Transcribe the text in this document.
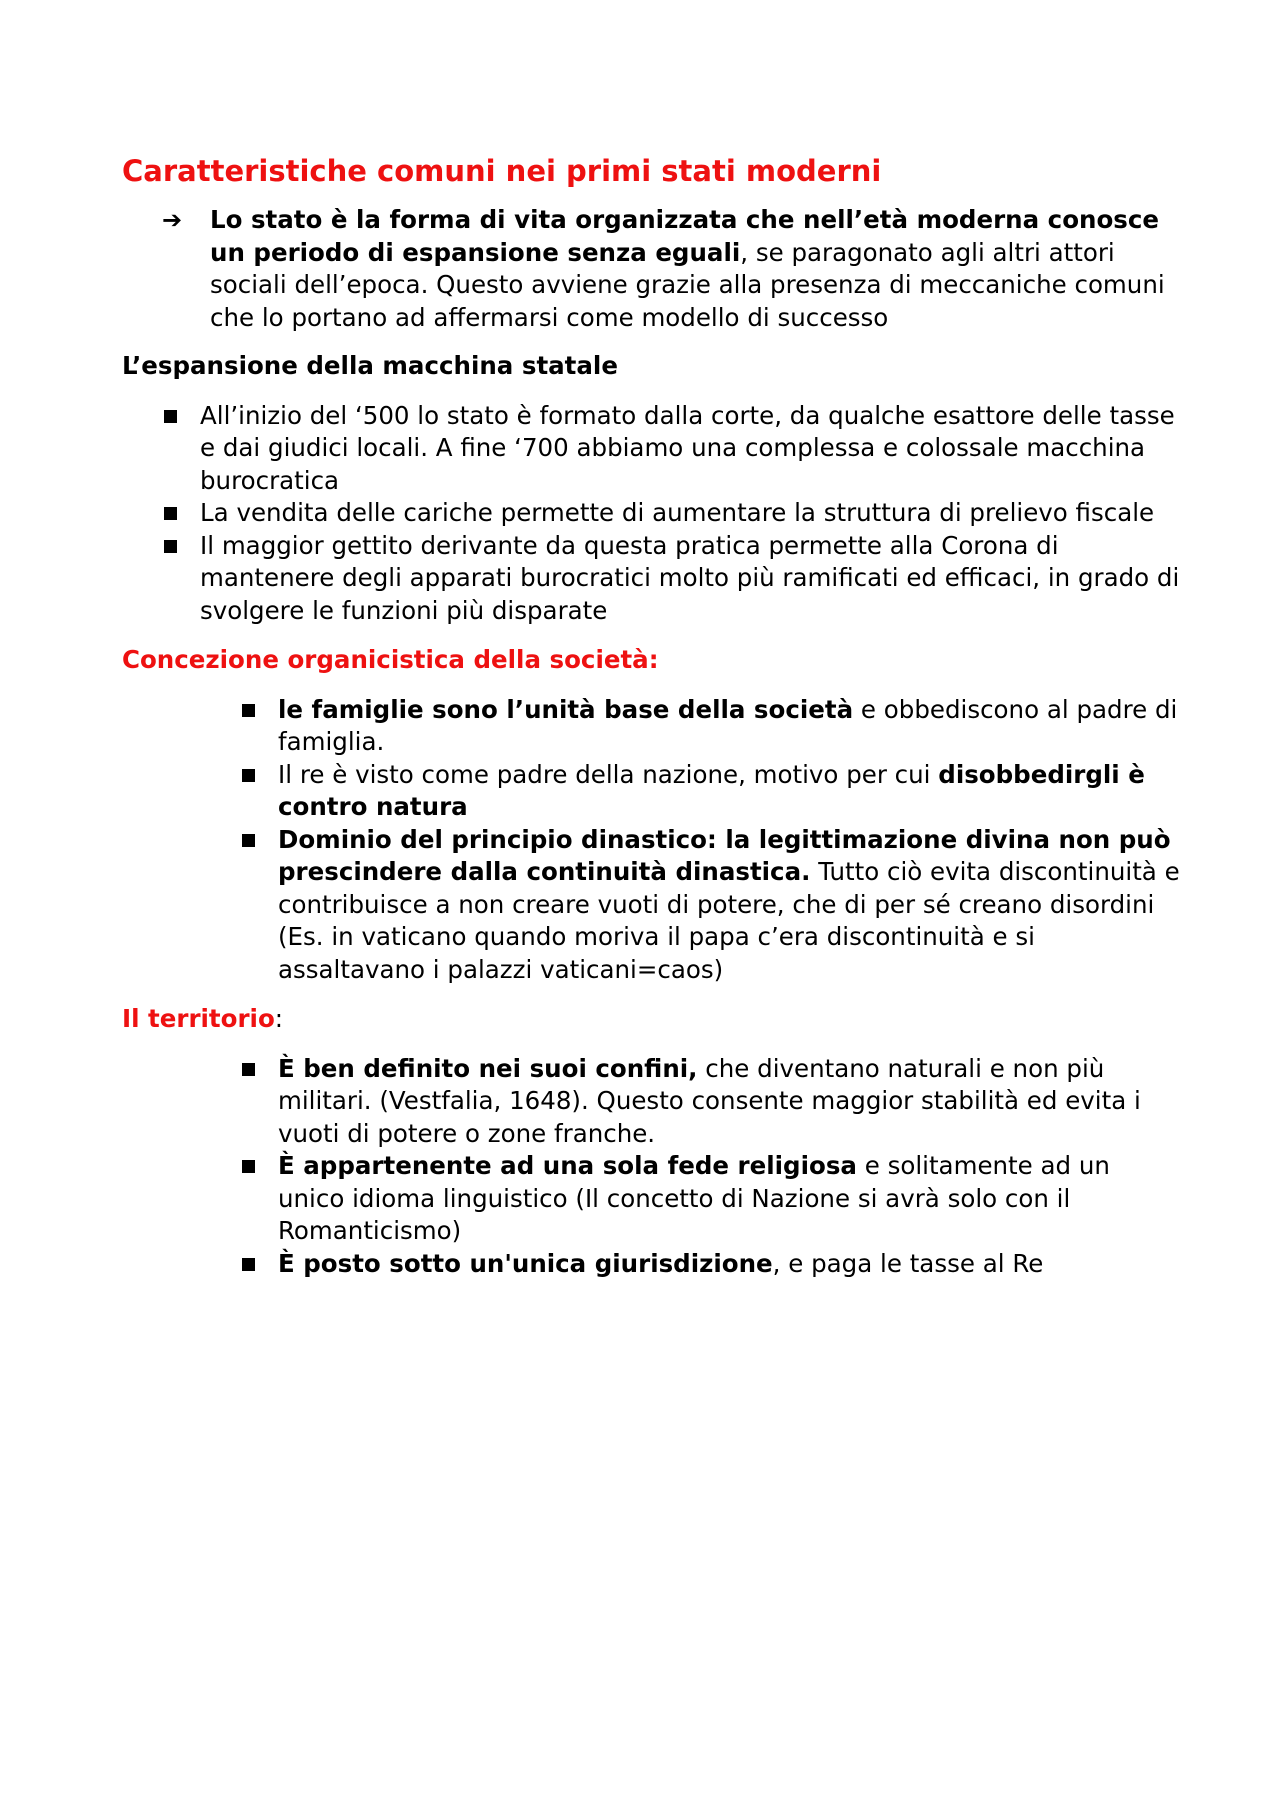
Caratteristiche comuni nei primi stati moderni
➔ Lo stato è la forma di vita organizzata che nell’età moderna conosce un periodo di espansione senza eguali, se paragonato agli altri attori sociali dell’epoca. Questo avviene grazie alla presenza di meccaniche comuni che lo portano ad affermarsi come modello di successo
L’espansione della macchina statale
All’inizio del ‘500 lo stato è formato dalla corte, da qualche esattore delle tasse e dai giudici locali. A fine ‘700 abbiamo una complessa e colossale macchina burocratica
La vendita delle cariche permette di aumentare la struttura di prelievo fiscale
Il maggior gettito derivante da questa pratica permette alla Corona di mantenere degli apparati burocratici molto più ramificati ed efficaci, in grado di svolgere le funzioni più disparate
Concezione organicistica della società:
le famiglie sono l’unità base della società e obbediscono al padre di famiglia.
Il re è visto come padre della nazione, motivo per cui disobbedirgli è contro natura
Dominio del principio dinastico: la legittimazione divina non può prescindere dalla continuità dinastica. Tutto ciò evita discontinuità e contribuisce a non creare vuoti di potere, che di per sé creano disordini (Es. in vaticano quando moriva il papa c’era discontinuità e si assaltavano i palazzi vaticani=caos)
Il territorio:
È ben definito nei suoi confini, che diventano naturali e non più militari. (Vestfalia, 1648). Questo consente maggior stabilità ed evita i vuoti di potere o zone franche.
È appartenente ad una sola fede religiosa e solitamente ad un unico idioma linguistico (Il concetto di Nazione si avrà solo con il Romanticismo)
È posto sotto un'unica giurisdizione, e paga le tasse al Re
